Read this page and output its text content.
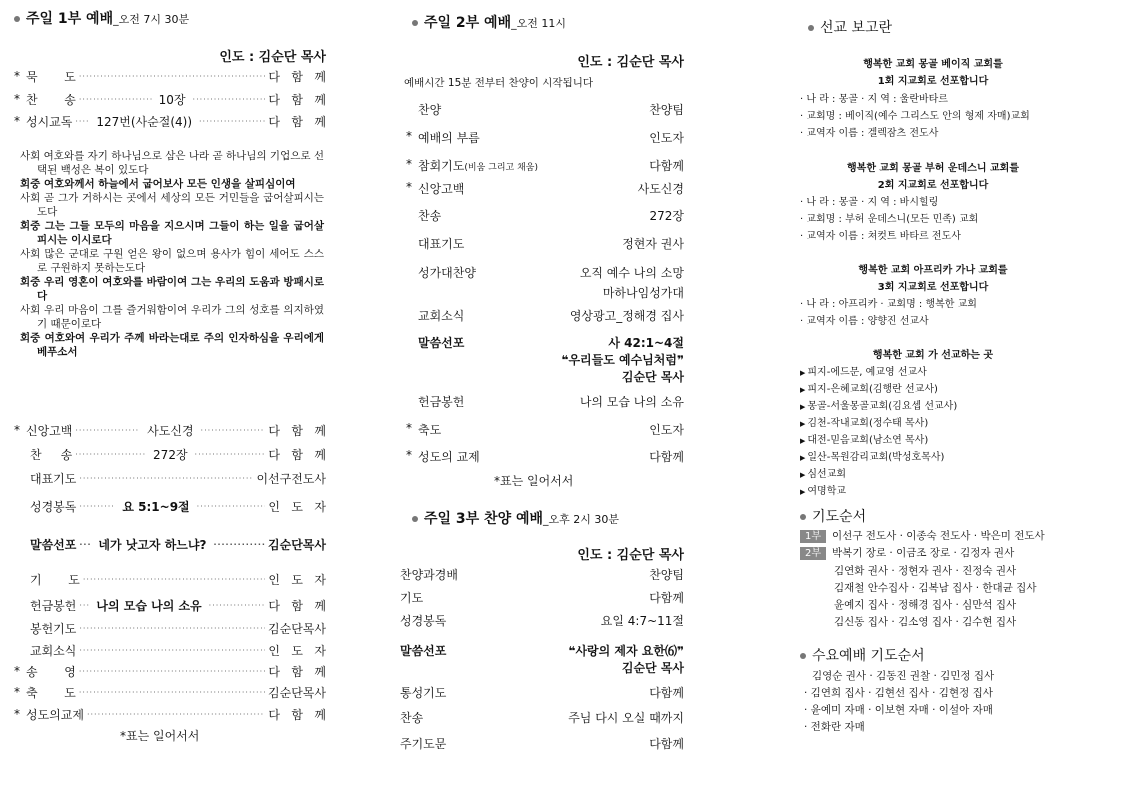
주일 1부 예배_오전 7시 30분
인도 : 김순단 목사
* 묵       도 ·····	다   함   께
* 찬       송 ·····	10장 ·····	다   함   께
* 성시교독 ·····	127번(사순절(4)) ·····	다   함   께

사회 여호와를 자기 하나님으로 삼은 나라 곧 하나님의 기업으로 선택된 백성은 복이 있도다

회중 여호와께서 하늘에서 굽어보사 모든 인생을 살피심이여

사회 곧 그가 거하시는 곳에서 세상의 모든 거민들을 굽어살피시는도다

회중 그는 그들 모두의 마음을 지으시며 그들이 하는 일을 굽어살피시는 이시로다

사회 많은 군대로 구원 얻은 왕이 없으며 용사가 힘이 세어도 스스로 구원하지 못하는도다

회중 우리 영혼이 여호와를 바람이여 그는 우리의 도움과 방패시로다

사회 우리 마음이 그를 즐거워함이여 우리가 그의 성호를 의지하였기 때문이로다

회중 여호와여 우리가 주께 바라는대로 주의 인자하심을 우리에게 베푸소서

* 신앙고백 ·····	사도신경 ·····	다   함   께
찬     송 ·····	272장 ·····	다   함   께
대표기도 ·····	이선구전도사
성경봉독 ·····	요 5:1~9절 ·····	인   도   자
말씀선포 ·····	네가 낫고자 하느냐? ·····	김순단목사
기       도 ·····	인   도   자
헌금봉헌 ·····	나의 모습 나의 소유 ·····	다   함   께
봉헌기도 ·····	김순단목사
교회소식 ·····	인   도   자
* 송       영 ·····	다   함   께
* 축       도 ·····	김순단목사
* 성도의교제 ·····	다   함   께
*표는 일어서서
주일 2부 예배_오전 11시
인도 : 김순단 목사
예배시간 15분 전부터 찬양이 시작됩니다
찬양	찬양팀
* 예배의 부름	인도자
* 참회기도 (비움 그리고 채움)	다함께
* 신앙고백	사도신경
찬송	272장
대표기도	정현자 권사
성가대찬양	오직 예수 나의 소망
마하나임성가대
교회소식	영상광고_정해경 집사
말씀선포	사 42:1~4절
❝우리들도 예수님처럼❞
김순단 목사
헌금봉헌	나의 모습 나의 소유
* 축도	인도자
* 성도의 교제	다함께
*표는 일어서서
주일 3부 찬양 예배_오후 2시 30분
인도 : 김순단 목사
찬양과경배	찬양팀
기도	다함께
성경봉독	요일 4:7~11절
말씀선포	❝사랑의 제자 요한⑹❞
김순단 목사
통성기도	다함께
찬송	주님 다시 오실 때까지
주기도문	다함께
선교 보고란
행복한 교회 몽골 베이직 교회를
1회 지교회로 선포합니다
· 나 라 : 몽골 · 지 역 : 울란바타르
· 교회명 : 베이직(예수 그리스도 안의 형제 자매)교회
· 교역자 이름 : 겔렉잠츠 전도사
행복한 교회 몽골 부허 운데스니 교회를
2회 지교회로 선포합니다
· 나 라 : 몽골 · 지 역 : 바시힐링
· 교회명 : 부허 운데스니(모든 민족) 교회
· 교역자 이름 : 쳐컷트 바타르 전도사
행복한 교회 아프리카 가나 교회를
3회 지교회로 선포합니다
· 나 라 : 아프리카 · 교회명 : 행복한 교회
· 교역자 이름 : 양향진 선교사
행복한 교회 가 선교하는 곳
▶ 피지-에드문, 예교영 선교사
▶ 피지-은혜교회(김행란 선교사)
▶ 몽골-서울몽골교회(김요셉 선교사)
▶ 김천-작내교회(정수태 목사)
▶ 대전-믿음교회(남소연 목사)
▶ 일산-목원감리교회(박성호목사)
▶ 심선교회
▶ 여명학교
기도순서
1부 이선구 전도사 · 이종숙 전도사 · 박은미 전도사
2부 박복기 장로 · 이금조 장로 · 김정자 권사
김연화 권사 · 정현자 권사 · 진정숙 권사
김재철 안수집사 · 김복남 집사 · 한대균 집사
윤예지 집사 · 정해경 집사 · 심만석 집사
김신동 집사 · 김소영 집사 · 김수현 집사
수요예배 기도순서
김영순 권사 · 김동진 권찰 · 김민정 집사
· 김연희 집사 · 김현선 집사 · 김현정 집사
· 윤예미 자매 · 이보현 자매 · 이설아 자매
· 전화란 자매
